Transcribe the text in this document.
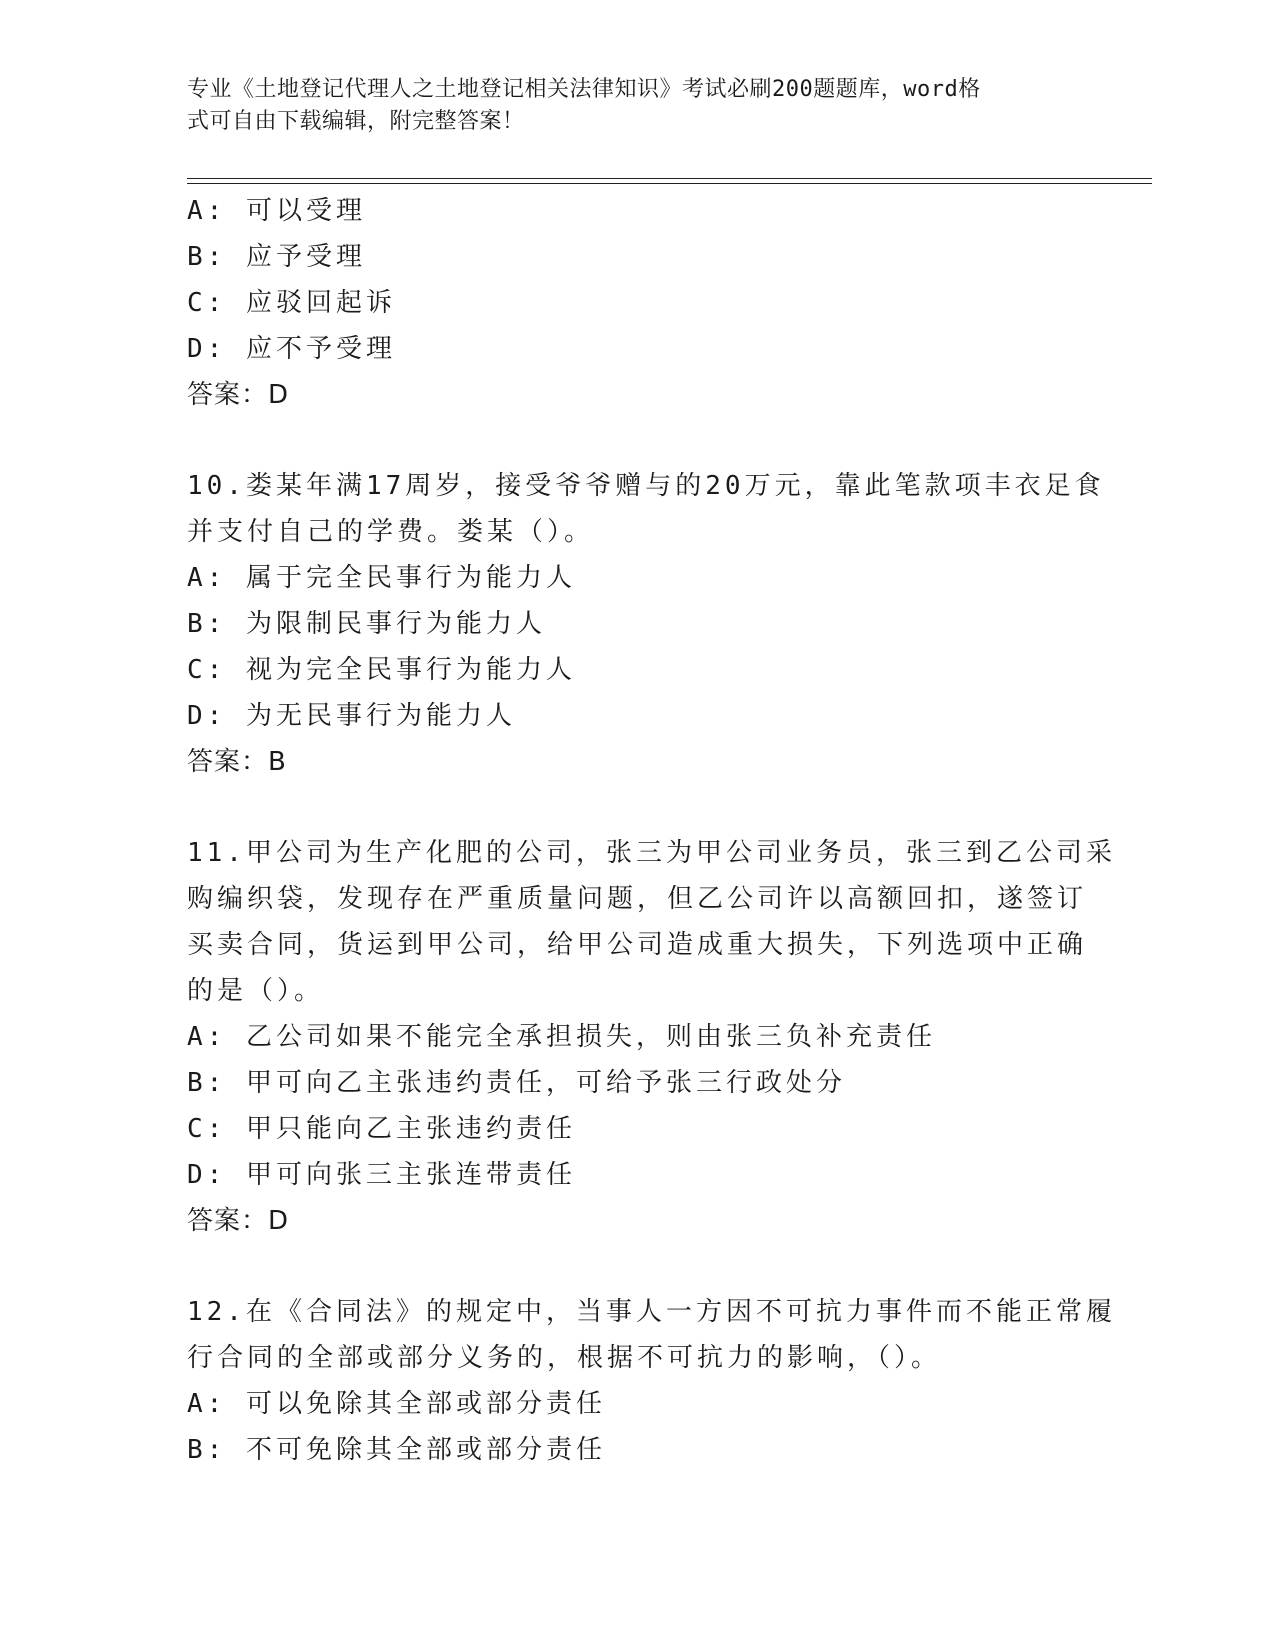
专业《土地登记代理人之土地登记相关法律知识》考试必刷200题题库，word格
式可自由下载编辑，附完整答案！
A: 可以受理
B: 应予受理
C: 应驳回起诉
D: 应不予受理
答案：D
10.娄某年满17周岁，接受爷爷赠与的20万元，靠此笔款项丰衣足食
并支付自己的学费。娄某（）。
A: 属于完全民事行为能力人
B: 为限制民事行为能力人
C: 视为完全民事行为能力人
D: 为无民事行为能力人
答案：B
11.甲公司为生产化肥的公司，张三为甲公司业务员，张三到乙公司采
购编织袋，发现存在严重质量问题，但乙公司许以高额回扣，遂签订
买卖合同，货运到甲公司，给甲公司造成重大损失，下列选项中正确
的是（）。
A: 乙公司如果不能完全承担损失，则由张三负补充责任
B: 甲可向乙主张违约责任，可给予张三行政处分
C: 甲只能向乙主张违约责任
D: 甲可向张三主张连带责任
答案：D
12.在《合同法》的规定中，当事人一方因不可抗力事件而不能正常履
行合同的全部或部分义务的，根据不可抗力的影响，（）。
A: 可以免除其全部或部分责任
B: 不可免除其全部或部分责任
